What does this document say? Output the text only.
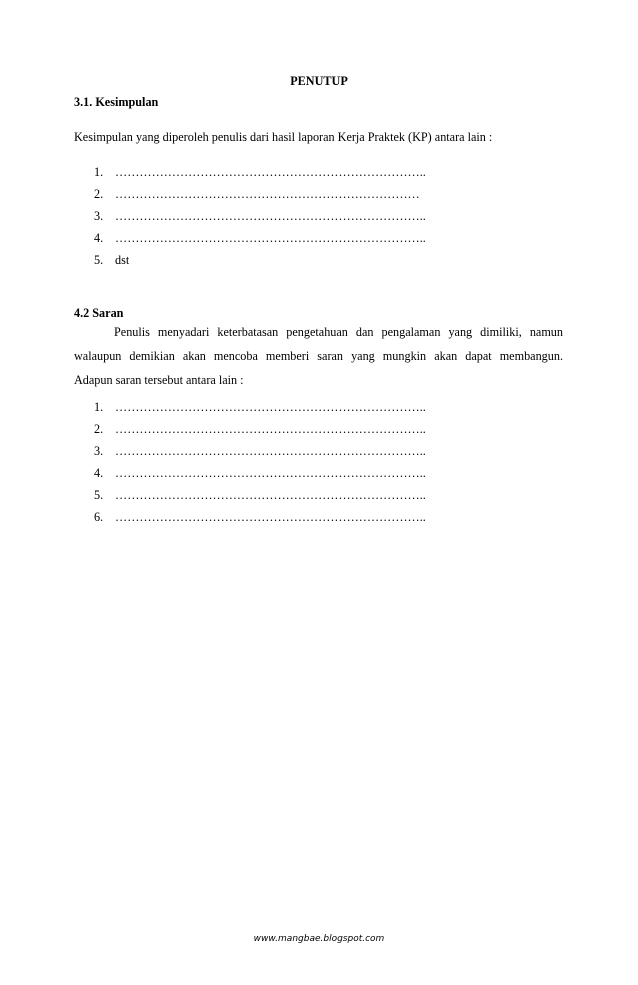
PENUTUP
3.1. Kesimpulan
Kesimpulan yang diperoleh penulis dari hasil laporan Kerja Praktek (KP) antara lain :
1. …………………………………………………………………..
2. …………………………………………………………………
3. …………………………………………………………………..
4. …………………………………………………………………..
5. dst
4.2 Saran
Penulis menyadari keterbatasan pengetahuan dan pengalaman yang dimiliki, namun
walaupun demikian akan mencoba memberi saran yang mungkin akan dapat membangun.
Adapun saran tersebut antara lain :
1. …………………………………………………………………..
2. …………………………………………………………………..
3. …………………………………………………………………..
4. …………………………………………………………………..
5. …………………………………………………………………..
6. …………………………………………………………………..
www.mangbae.blogspot.com
